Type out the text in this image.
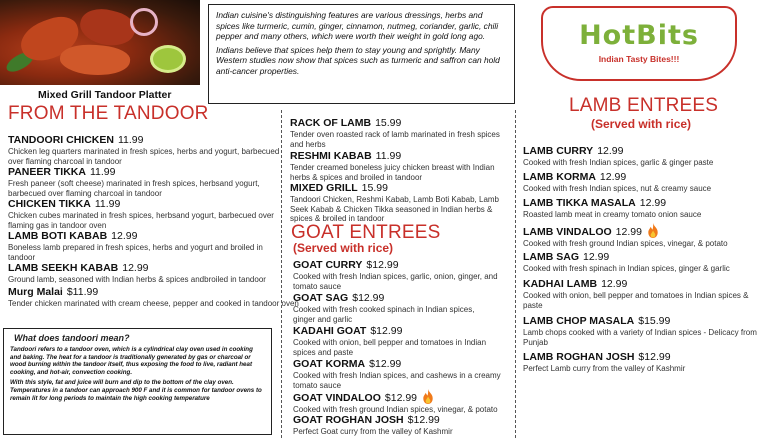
Mixed Grill Tandoor Platter
FROM THE TANDOOR
TANDOORI CHICKEN 11.99
Chicken leg quarters marinated in fresh spices, herbs and yogurt, barbecued over flaming charcoal in tandoor
PANEER TIKKA 11.99
Fresh paneer (soft cheese) marinated in fresh spices, herbsand yogurt, barbecued over flaming charcoal in tandoor
CHICKEN TIKKA 11.99
Chicken cubes marinated in fresh spices, herbsand yogurt, barbecued over flaming gas in tandoor oven
LAMB BOTI KABAB 12.99
Boneless lamb prepared in fresh spices, herbs and yogurt and broiled in tandoor
LAMB SEEKH KABAB 12.99
Ground lamb, seasoned with Indian herbs & spices andbroiled in tandoor
Murg Malai $11.99
Tender chicken marinated with cream cheese, pepper and cooked in tandoor oven
What does tandoori mean?

Tandoori refers to a tandoor oven, which is a cylindrical clay oven used in cooking and baking. The heat for a tandoor is traditionally generated by gas or charcoal or wood burning within the tandoor itself, thus exposing the food to live, radiant heat cooking, and hot-air, convection cooking.

With this style, fat and juice will burn and dip to the bottom of the clay oven. Temperatures in a tandoor can approach 900 F and it is common for tandoor ovens to remain lit for long periods to maintain the high cooking temperature

Indian cuisine's distinguishing features are various dressings, herbs and spices like turmeric, cumin, ginger, cinnamon, nutmeg, coriander, garlic, chili pepper and many others, which were worth their weight in gold long ago.

Indians believe that spices help them to stay young and sprightly. Many Western studies now show that spices such as turmeric and saffron can hold anti-cancer properties.

RACK OF LAMB 15.99
Tender oven roasted rack of lamb marinated in fresh spices and herbs
RESHMI KABAB 11.99
Tender creamed boneless juicy chicken breast with Indian herbs & spices and broiled in tandoor
MIXED GRILL 15.99
Tandoori Chicken, Reshmi Kabab, Lamb Boti Kabab, Lamb Seek Kabab & Chicken Tikka seasoned in Indian herbs & spices & broiled in tandoor
GOAT ENTREES
(Served with rice)
GOAT CURRY $12.99
Cooked with fresh Indian spices, garlic, onion, ginger, and tomato sauce
GOAT SAG $12.99
Cooked with fresh cooked spinach in Indian spices, ginger and garlic
KADAHI GOAT $12.99
Cooked with onion, bell pepper and tomatoes in Indian spices and paste
GOAT KORMA $12.99
Cooked with fresh Indian spices, and cashews in a creamy tomato sauce
GOAT VINDALOO $12.99
Cooked with fresh ground Indian spices, vinegar, & potato
GOAT ROGHAN JOSH $12.99
Perfect Goat curry from the valley of Kashmir
HotBits
Indian Tasty Bites!!!
LAMB ENTREES
(Served with rice)
LAMB CURRY 12.99
Cooked with fresh Indian spices, garlic & ginger paste
LAMB KORMA 12.99
Cooked with fresh Indian spices, nut & creamy sauce
LAMB TIKKA MASALA 12.99
Roasted lamb meat in creamy tomato onion sauce
LAMB VINDALOO 12.99
Cooked with fresh ground Indian spices, vinegar, & potato
LAMB SAG 12.99
Cooked with fresh spinach in Indian spices, ginger & garlic
KADHAI LAMB 12.99
Cooked with onion, bell pepper and tomatoes in Indian spices & paste
LAMB CHOP MASALA $15.99
Lamb chops cooked with a variety of Indian spices - Delicacy from Punjab
LAMB ROGHAN JOSH $12.99
Perfect Lamb curry from the valley of Kashmir
